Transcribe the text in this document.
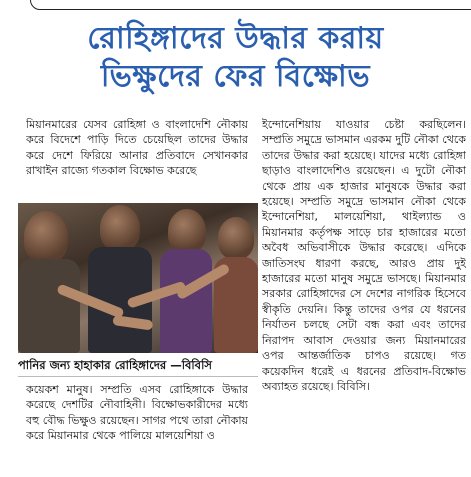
রোহিঙ্গাদের উদ্ধার করায়
ভিক্ষুদের ফের বিক্ষোভ

মিয়ানমারের যেসব রোহিঙ্গা ও বাংলাদেশি নৌকায় করে বিদেশে পাড়ি দিতে চেয়েছিল তাদের উদ্ধার করে দেশে ফিরিয়ে আনার প্রতিবাদে সেখানকার রাখাইন রাজ্যে গতকাল বিক্ষোভ করেছে

পানির জন্য হাহাকার রোহিঙ্গাদের —বিবিসি

কয়েকশ মানুষ। সম্প্রতি এসব রোহিঙ্গাকে উদ্ধার করেছে দেশটির নৌবাহিনী। বিক্ষোভকারীদের মধ্যে বহু বৌদ্ধ ভিক্ষুও রয়েছেন। সাগর পথে তারা নৌকায় করে মিয়ানমার থেকে পালিয়ে মালয়েশিয়া ও

ইন্দোনেশিয়ায় যাওয়ার চেষ্টা করছিলেন। সম্প্রতি সমুদ্রে ভাসমান এরকম দুটি নৌকা থেকে তাদের উদ্ধার করা হয়েছে। যাদের মধ্যে রোহিঙ্গা ছাড়াও বাংলাদেশিও রয়েছেন। এ দুটো নৌকা থেকে প্রায় এক হাজার মানুষকে উদ্ধার করা হয়েছে। সম্প্রতি সমুদ্রে ভাসমান নৌকা থেকে ইন্দোনেশিয়া, মালয়েশিয়া, থাইল্যান্ড ও মিয়ানমার কর্তৃপক্ষ সাড়ে চার হাজারের মতো অবৈধ অভিবাসীকে উদ্ধার করেছে। এদিকে জাতিসংঘ ধারণা করছে, আরও প্রায় দুই হাজারের মতো মানুষ সমুদ্রে ভাসছে। মিয়ানমার সরকার রোহিঙ্গাদের সে দেশের নাগরিক হিসেবে স্বীকৃতি দেয়নি। কিন্তু তাদের ওপর যে ধরনের নির্যাতন চলছে সেটা বন্ধ করা এবং তাদের নিরাপদ আবাস দেওয়ার জন্য মিয়ানমারের ওপর আন্তর্জাতিক চাপও রয়েছে। গত কয়েকদিন ধরেই এ ধরনের প্রতিবাদ-বিক্ষোভ অব্যাহত রয়েছে। বিবিসি।
